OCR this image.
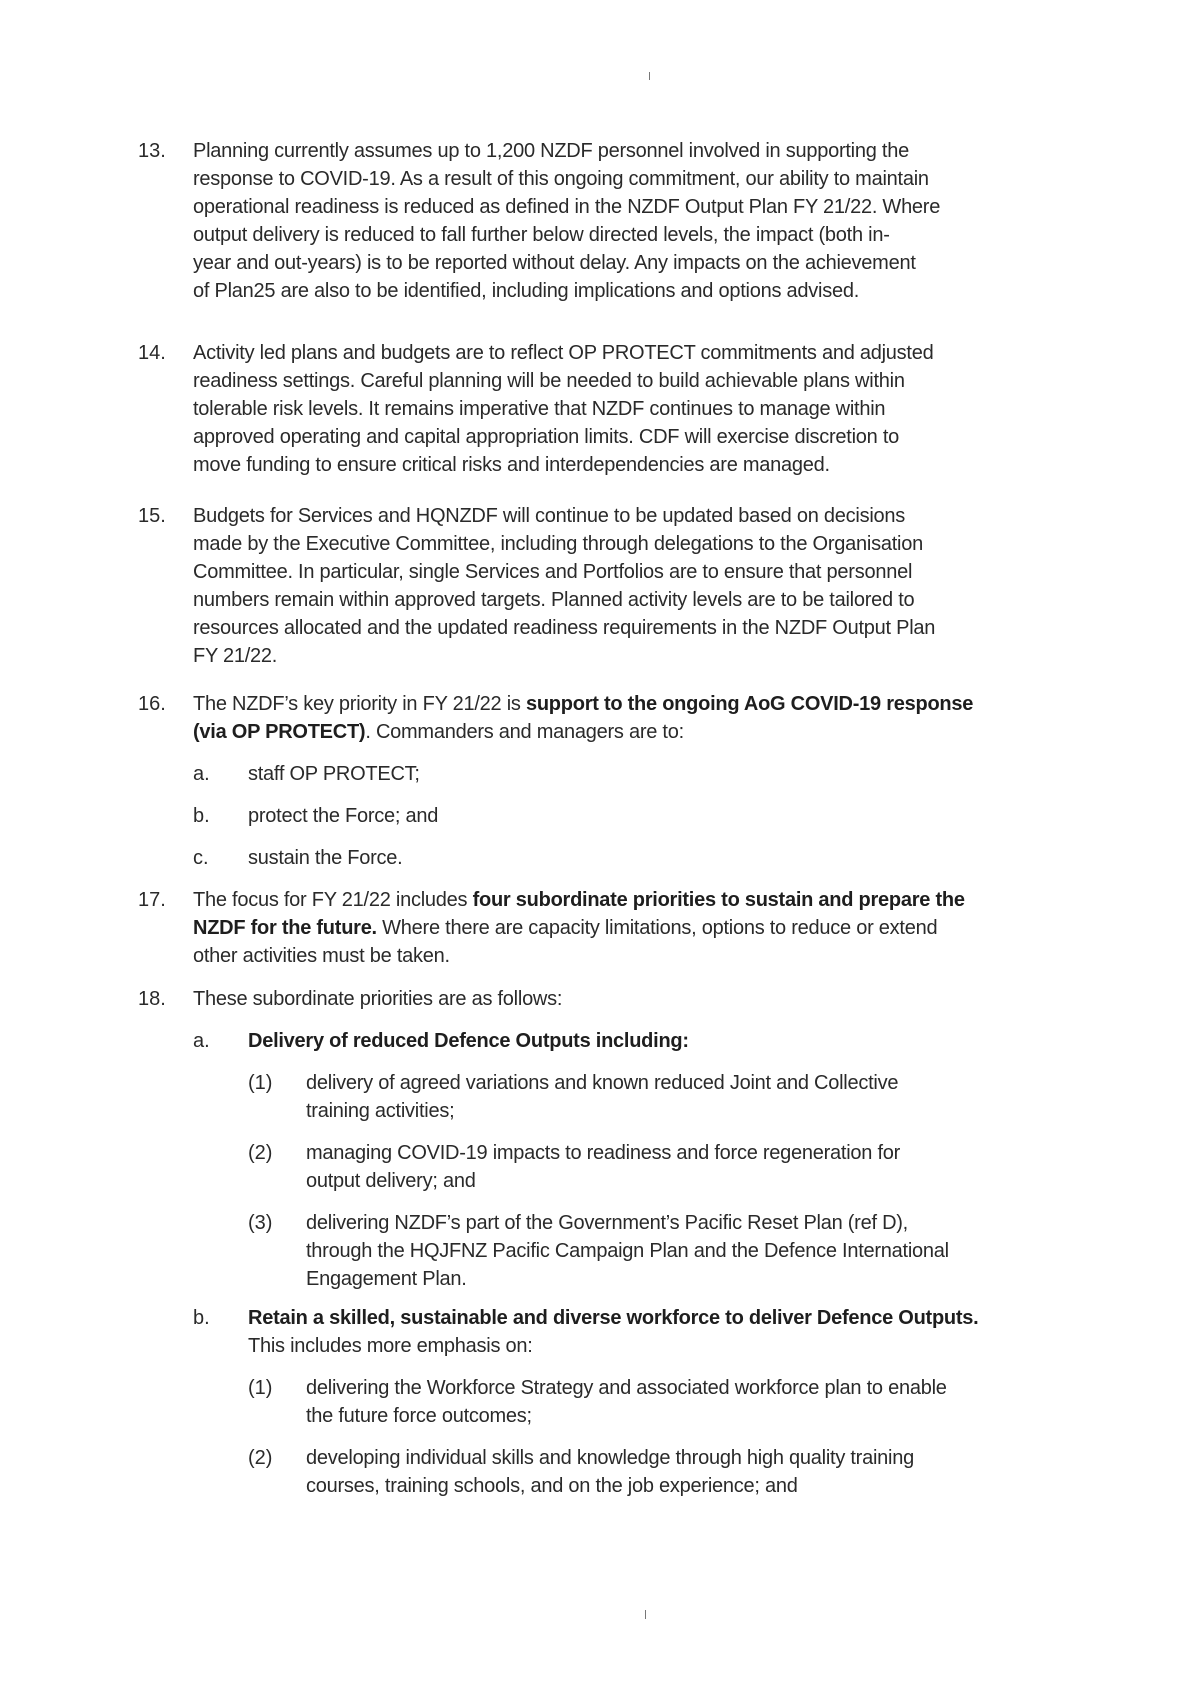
13. Planning currently assumes up to 1,200 NZDF personnel involved in supporting the
response to COVID-19. As a result of this ongoing commitment, our ability to maintain
operational readiness is reduced as defined in the NZDF Output Plan FY 21/22. Where
output delivery is reduced to fall further below directed levels, the impact (both in-
year and out-years) is to be reported without delay. Any impacts on the achievement
of Plan25 are also to be identified, including implications and options advised.
14. Activity led plans and budgets are to reflect OP PROTECT commitments and adjusted
readiness settings. Careful planning will be needed to build achievable plans within
tolerable risk levels. It remains imperative that NZDF continues to manage within
approved operating and capital appropriation limits. CDF will exercise discretion to
move funding to ensure critical risks and interdependencies are managed.
15. Budgets for Services and HQNZDF will continue to be updated based on decisions
made by the Executive Committee, including through delegations to the Organisation
Committee. In particular, single Services and Portfolios are to ensure that personnel
numbers remain within approved targets. Planned activity levels are to be tailored to
resources allocated and the updated readiness requirements in the NZDF Output Plan
FY 21/22.
16. The NZDF’s key priority in FY 21/22 is support to the ongoing AoG COVID-19 response
(via OP PROTECT). Commanders and managers are to:
a. staff OP PROTECT;
b. protect the Force; and
c. sustain the Force.
17. The focus for FY 21/22 includes four subordinate priorities to sustain and prepare the
NZDF for the future. Where there are capacity limitations, options to reduce or extend
other activities must be taken.
18. These subordinate priorities are as follows:
a. Delivery of reduced Defence Outputs including:
(1) delivery of agreed variations and known reduced Joint and Collective
training activities;
(2) managing COVID-19 impacts to readiness and force regeneration for
output delivery; and
(3) delivering NZDF’s part of the Government’s Pacific Reset Plan (ref D),
through the HQJFNZ Pacific Campaign Plan and the Defence International
Engagement Plan.
b. Retain a skilled, sustainable and diverse workforce to deliver Defence Outputs.
This includes more emphasis on:
(1) delivering the Workforce Strategy and associated workforce plan to enable
the future force outcomes;
(2) developing individual skills and knowledge through high quality training
courses, training schools, and on the job experience; and
